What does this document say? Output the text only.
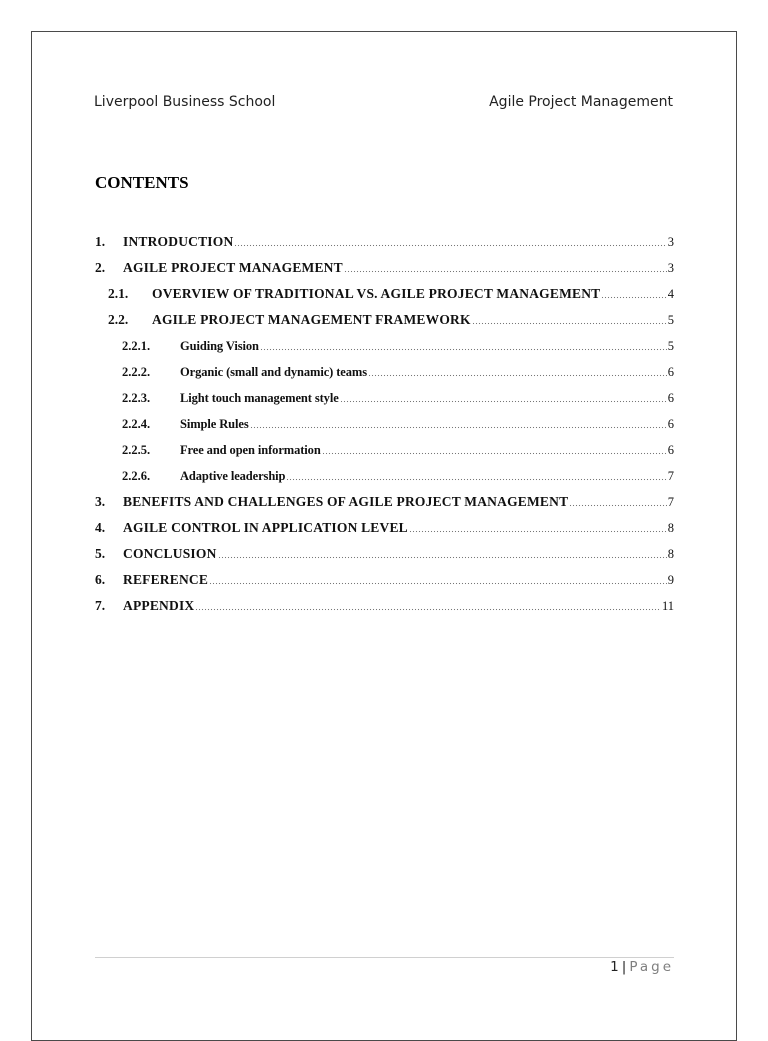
Liverpool Business School	Agile Project Management
CONTENTS
1.	INTRODUCTION	3
2.	AGILE PROJECT MANAGEMENT	3
2.1.	OVERVIEW OF TRADITIONAL VS. AGILE PROJECT MANAGEMENT	4
2.2.	AGILE PROJECT MANAGEMENT FRAMEWORK	5
2.2.1.	Guiding Vision	5
2.2.2.	Organic (small and dynamic) teams	6
2.2.3.	Light touch management style	6
2.2.4.	Simple Rules	6
2.2.5.	Free and open information	6
2.2.6.	Adaptive leadership	7
3.	BENEFITS AND CHALLENGES OF AGILE PROJECT MANAGEMENT	7
4.	AGILE CONTROL IN APPLICATION LEVEL	8
5.	CONCLUSION	8
6.	REFERENCE	9
7.	APPENDIX	11
1 | Page
